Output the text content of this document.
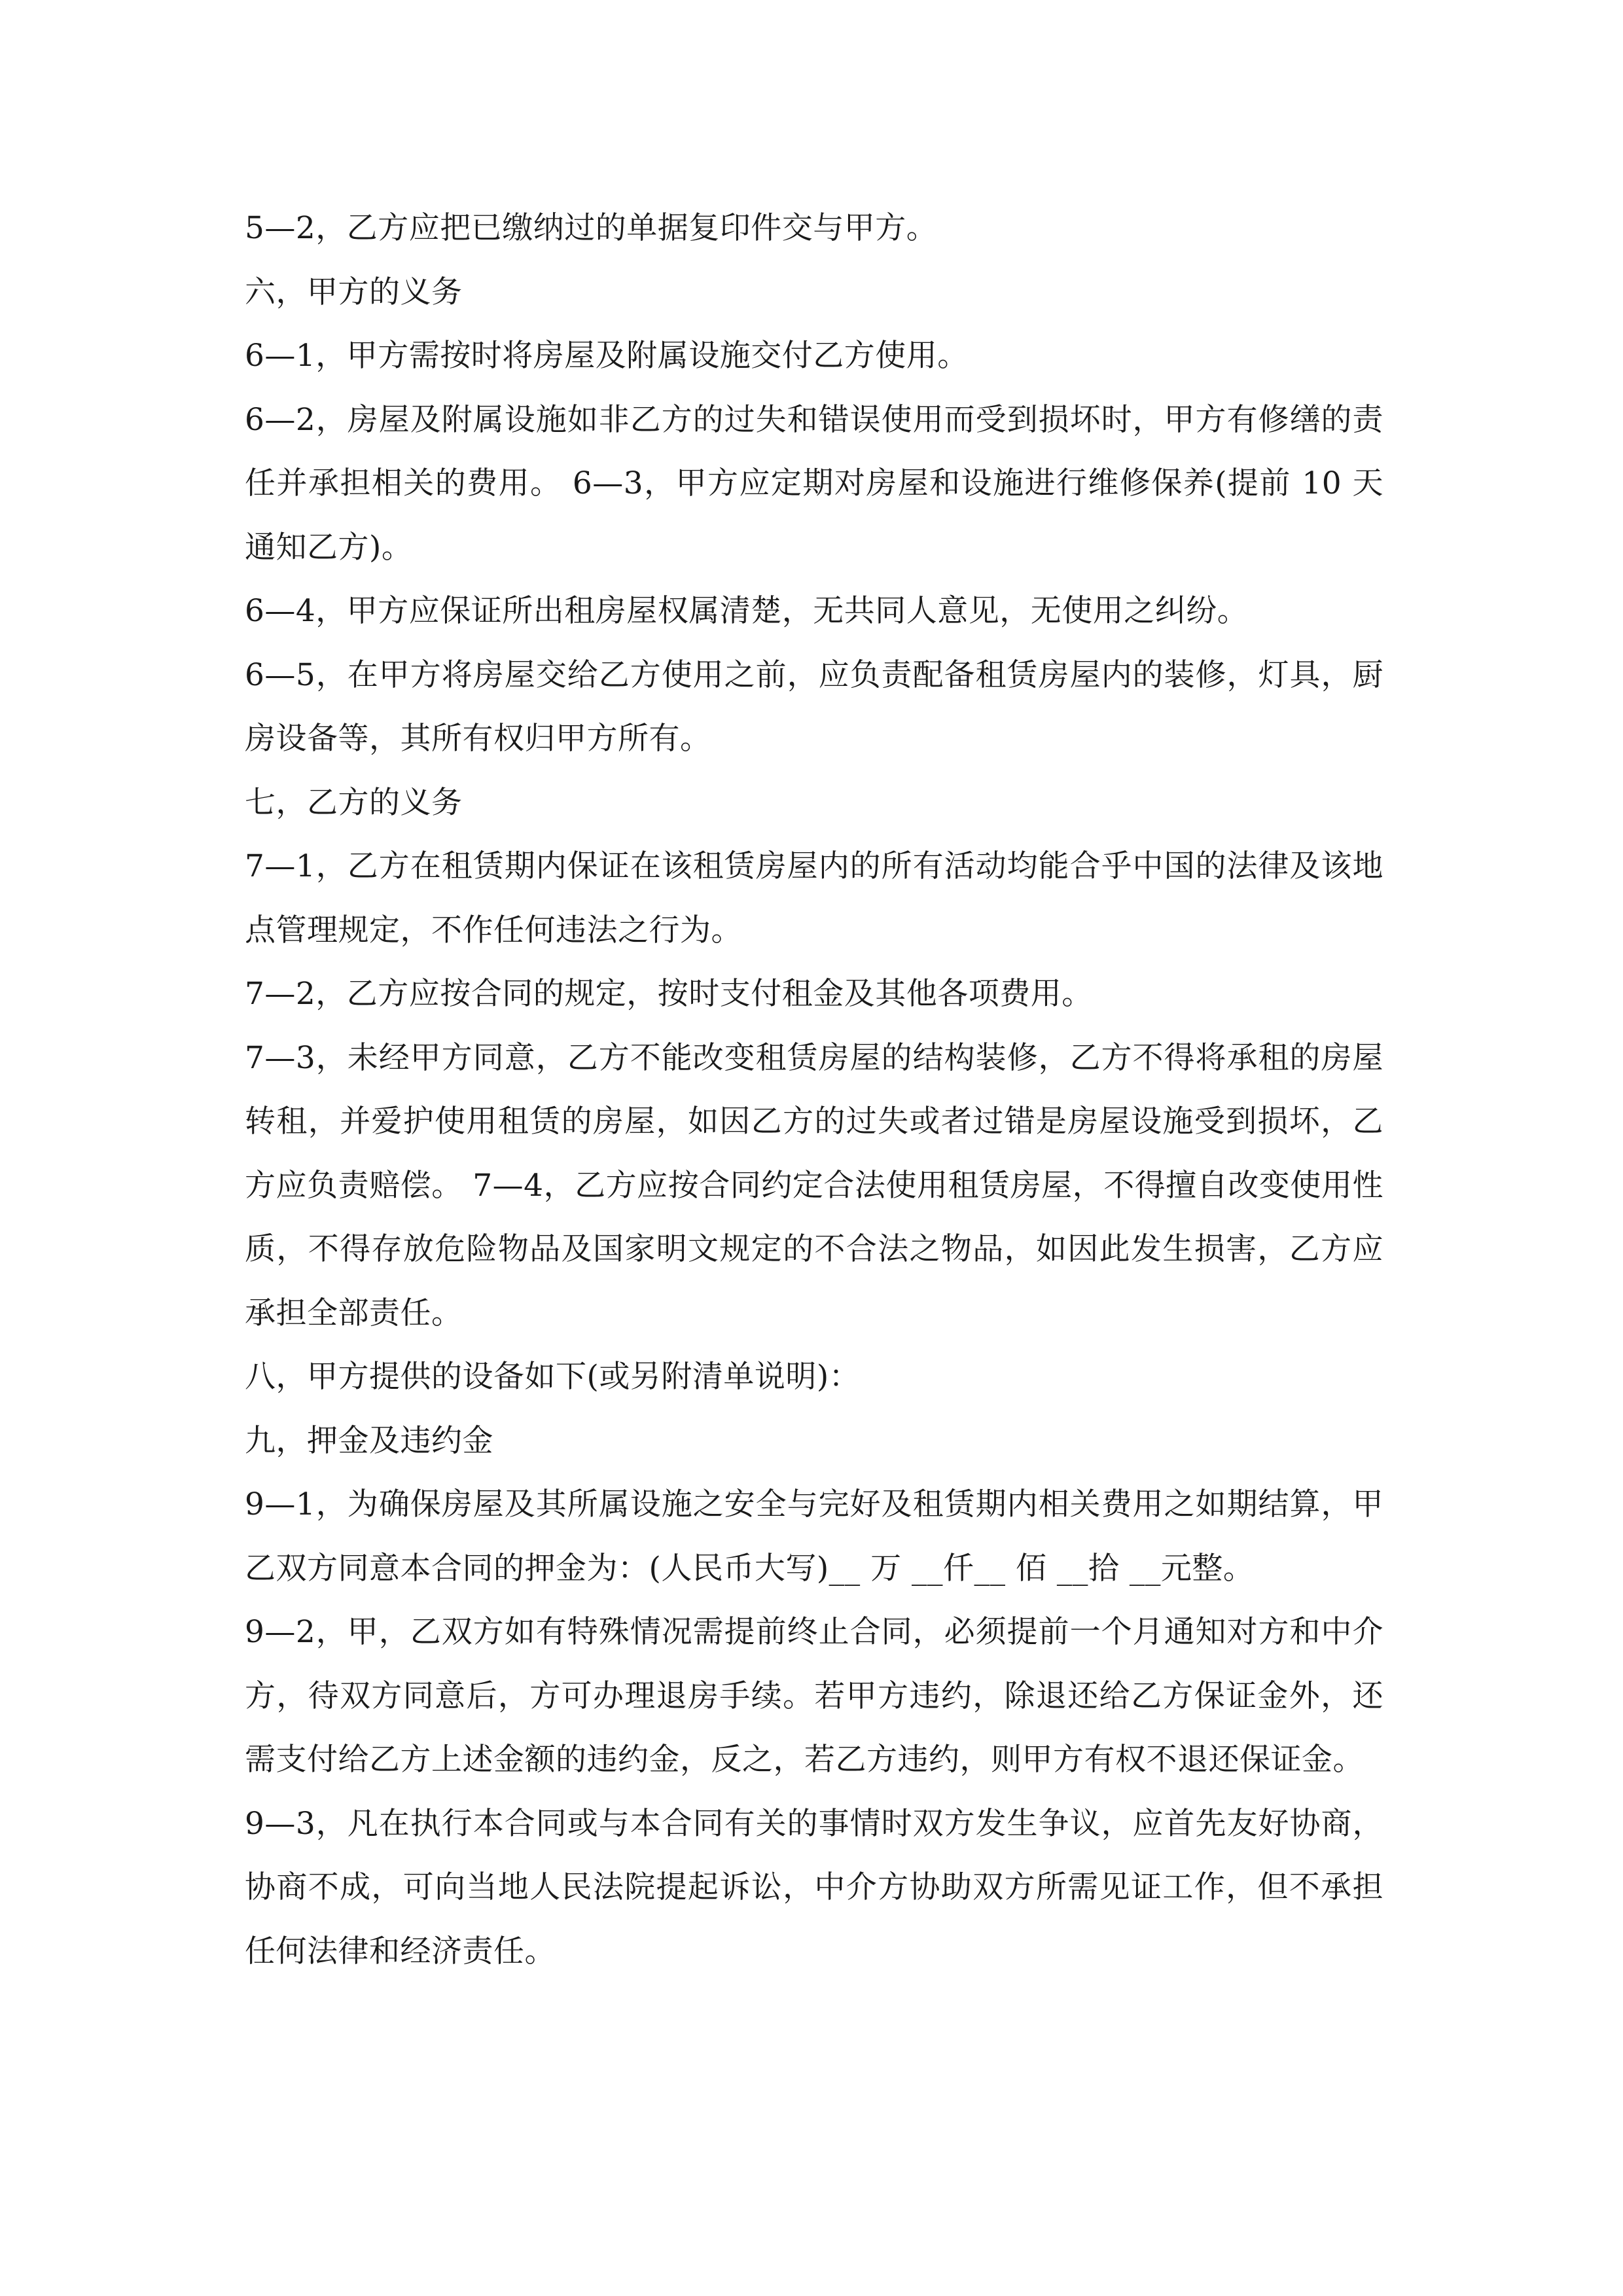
5—2，乙方应把已缴纳过的单据复印件交与甲方。

六，甲方的义务

6—1，甲方需按时将房屋及附属设施交付乙方使用。

6—2，房屋及附属设施如非乙方的过失和错误使用而受到损坏时，甲方有修缮的责任并承担相关的费用。 6—3，甲方应定期对房屋和设施进行维修保养(提前 10 天通知乙方)。

6—4，甲方应保证所出租房屋权属清楚，无共同人意见，无使用之纠纷。

6—5，在甲方将房屋交给乙方使用之前，应负责配备租赁房屋内的装修，灯具，厨房设备等，其所有权归甲方所有。

七，乙方的义务

7—1，乙方在租赁期内保证在该租赁房屋内的所有活动均能合乎中国的法律及该地点管理规定，不作任何违法之行为。

7—2，乙方应按合同的规定，按时支付租金及其他各项费用。

7—3，未经甲方同意，乙方不能改变租赁房屋的结构装修，乙方不得将承租的房屋转租，并爱护使用租赁的房屋，如因乙方的过失或者过错是房屋设施受到损坏，乙方应负责赔偿。 7—4，乙方应按合同约定合法使用租赁房屋，不得擅自改变使用性质，不得存放危险物品及国家明文规定的不合法之物品，如因此发生损害，乙方应承担全部责任。

八，甲方提供的设备如下(或另附清单说明)：

九，押金及违约金

9—1，为确保房屋及其所属设施之安全与完好及租赁期内相关费用之如期结算，甲乙双方同意本合同的押金为：(人民币大写)__ 万 __仟__ 佰 __拾 __元整。

9—2，甲，乙双方如有特殊情况需提前终止合同，必须提前一个月通知对方和中介方，待双方同意后，方可办理退房手续。若甲方违约，除退还给乙方保证金外，还需支付给乙方上述金额的违约金，反之，若乙方违约，则甲方有权不退还保证金。

9—3，凡在执行本合同或与本合同有关的事情时双方发生争议，应首先友好协商，协商不成，可向当地人民法院提起诉讼，中介方协助双方所需见证工作，但不承担任何法律和经济责任。
